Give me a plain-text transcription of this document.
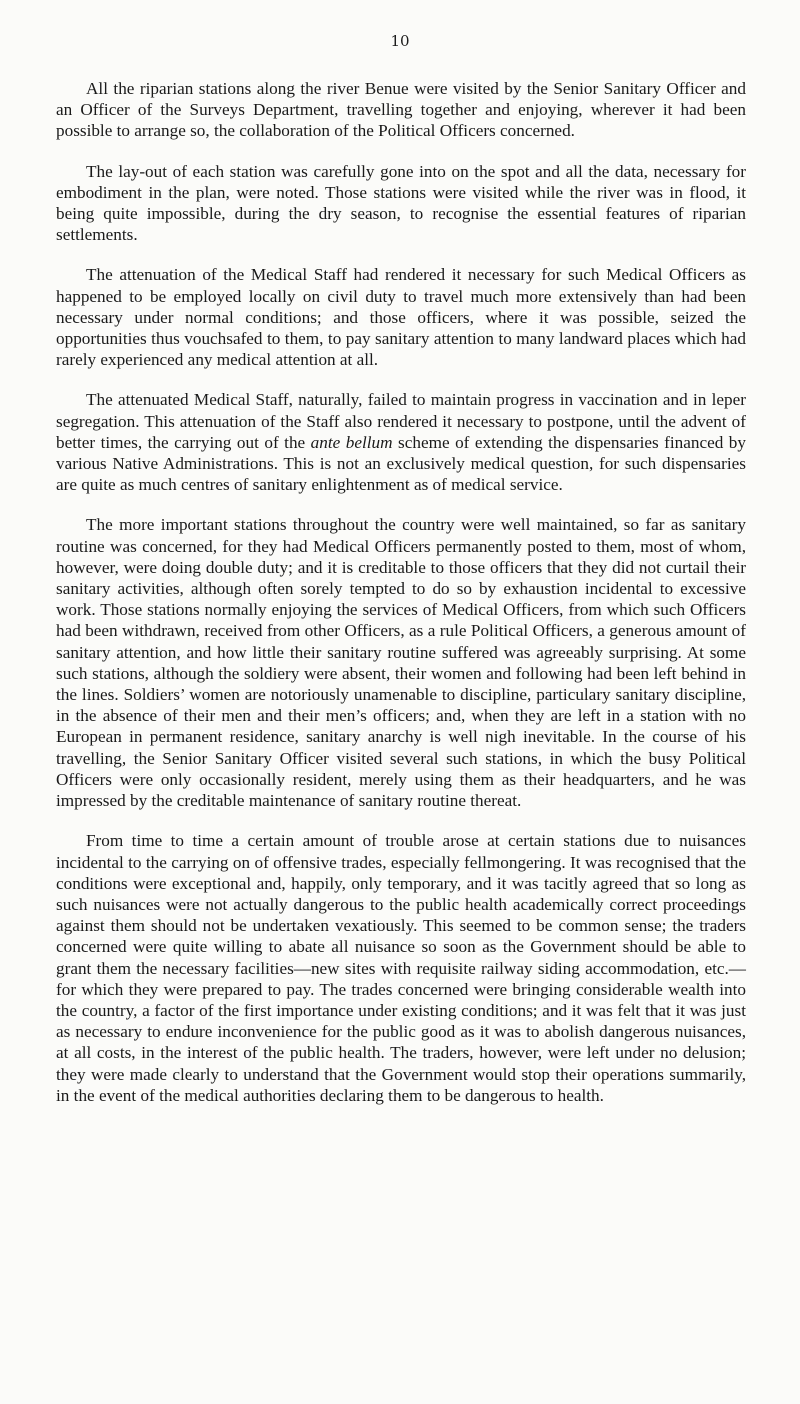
10

All the riparian stations along the river Benue were visited by the Senior Sanitary Officer and an Officer of the Surveys Department, travelling together and enjoying, wherever it had been possible to arrange so, the collaboration of the Political Officers concerned.

The lay-out of each station was carefully gone into on the spot and all the data, necessary for embodiment in the plan, were noted. Those stations were visited while the river was in flood, it being quite impossible, during the dry season, to recognise the essential features of riparian settlements.

The attenuation of the Medical Staff had rendered it necessary for such Medical Officers as happened to be employed locally on civil duty to travel much more extensively than had been necessary under normal conditions; and those officers, where it was possible, seized the opportunities thus vouchsafed to them, to pay sanitary attention to many landward places which had rarely experienced any medical attention at all.

The attenuated Medical Staff, naturally, failed to maintain progress in vaccination and in leper segregation. This attenuation of the Staff also rendered it necessary to postpone, until the advent of better times, the carrying out of the ante bellum scheme of extending the dispensaries financed by various Native Administrations. This is not an exclusively medical question, for such dispensaries are quite as much centres of sanitary enlightenment as of medical service.

The more important stations throughout the country were well maintained, so far as sanitary routine was concerned, for they had Medical Officers permanently posted to them, most of whom, however, were doing double duty; and it is creditable to those officers that they did not curtail their sanitary activities, although often sorely tempted to do so by exhaustion incidental to excessive work. Those stations normally enjoying the services of Medical Officers, from which such Officers had been withdrawn, received from other Officers, as a rule Political Officers, a generous amount of sanitary attention, and how little their sanitary routine suffered was agreeably surprising. At some such stations, although the soldiery were absent, their women and following had been left behind in the lines. Soldiers’ women are notoriously unamenable to discipline, particulary sanitary discipline, in the absence of their men and their men’s officers; and, when they are left in a station with no European in permanent residence, sanitary anarchy is well nigh inevitable. In the course of his travelling, the Senior Sanitary Officer visited several such stations, in which the busy Political Officers were only occasionally resident, merely using them as their headquarters, and he was impressed by the creditable maintenance of sanitary routine thereat.

From time to time a certain amount of trouble arose at certain stations due to nuisances incidental to the carrying on of offensive trades, especially fellmongering. It was recognised that the conditions were exceptional and, happily, only temporary, and it was tacitly agreed that so long as such nuisances were not actually dangerous to the public health academically correct proceedings against them should not be undertaken vexatiously. This seemed to be common sense; the traders concerned were quite willing to abate all nuisance so soon as the Government should be able to grant them the necessary facilities—new sites with requisite railway siding accommodation, etc.—for which they were prepared to pay. The trades concerned were bringing considerable wealth into the country, a factor of the first importance under existing conditions; and it was felt that it was just as necessary to endure inconvenience for the public good as it was to abolish dangerous nuisances, at all costs, in the interest of the public health. The traders, however, were left under no delusion; they were made clearly to understand that the Government would stop their operations summarily, in the event of the medical authorities declaring them to be dangerous to health.
